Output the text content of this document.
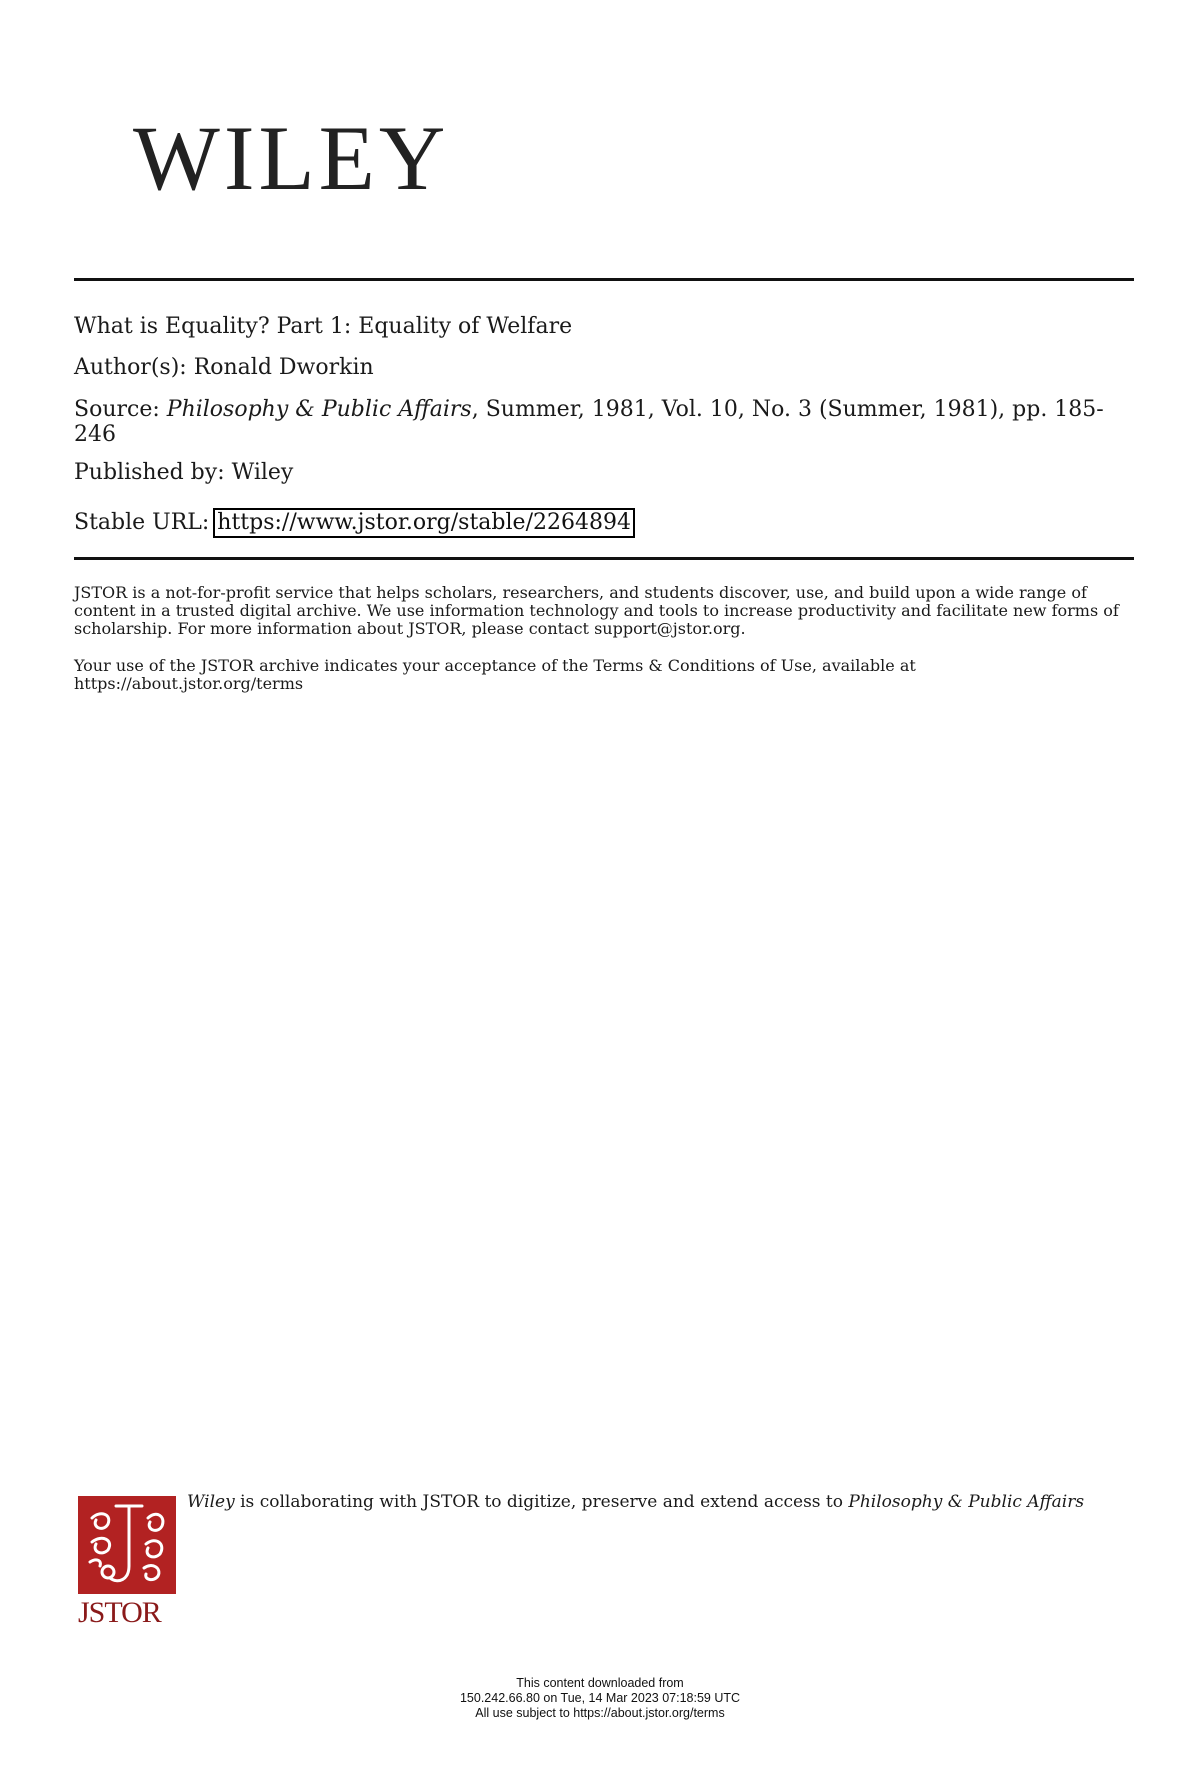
WILEY
What is Equality? Part 1: Equality of Welfare
Author(s): Ronald Dworkin
Source: Philosophy & Public Affairs, Summer, 1981, Vol. 10, No. 3 (Summer, 1981), pp. 185-246
Published by: Wiley
Stable URL: https://www.jstor.org/stable/2264894
JSTOR is a not-for-profit service that helps scholars, researchers, and students discover, use, and build upon a wide range of content in a trusted digital archive. We use information technology and tools to increase productivity and facilitate new forms of scholarship. For more information about JSTOR, please contact support@jstor.org.
Your use of the JSTOR archive indicates your acceptance of the Terms & Conditions of Use, available at https://about.jstor.org/terms
JSTOR
Wiley is collaborating with JSTOR to digitize, preserve and extend access to Philosophy & Public Affairs
This content downloaded from
150.242.66.80 on Tue, 14 Mar 2023 07:18:59 UTC
All use subject to https://about.jstor.org/terms
